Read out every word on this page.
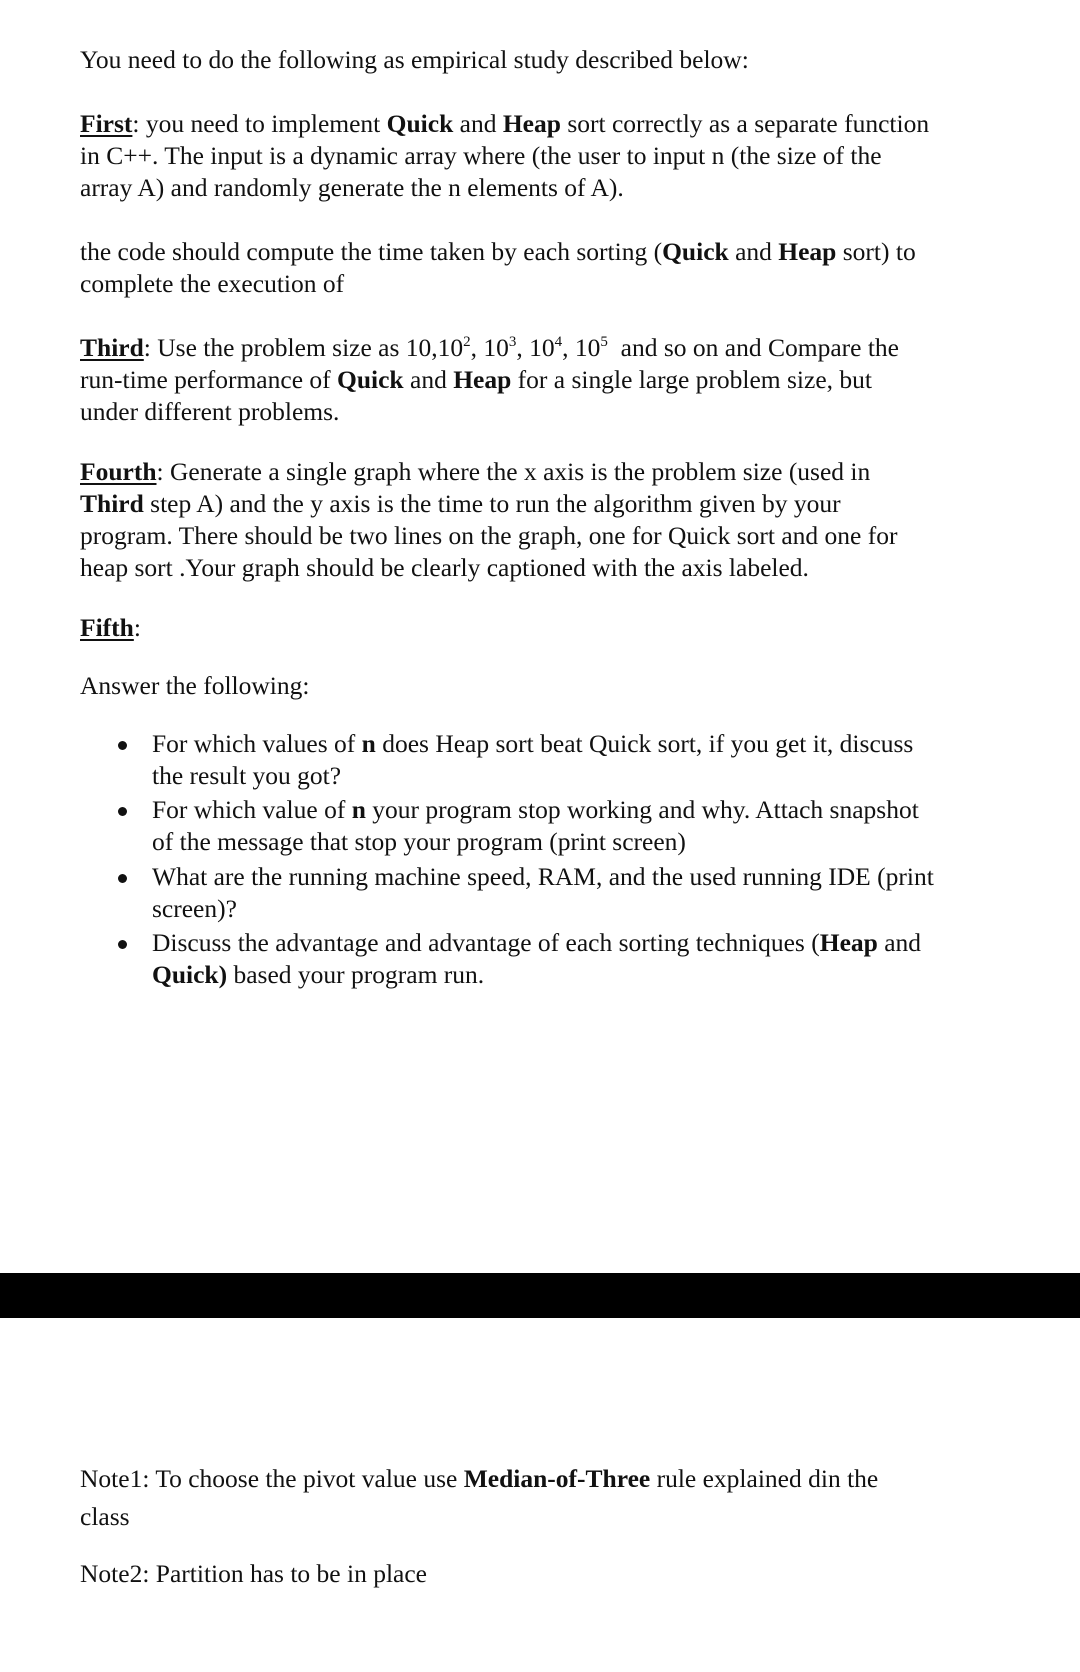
You need to do the following as empirical study described below:
First: you need to implement Quick and Heap sort correctly as a separate function
in C++. The input is a dynamic array where (the user to input n (the size of the
array A) and randomly generate the n elements of A).
the code should compute the time taken by each sorting (Quick and Heap sort) to
complete the execution of
Third: Use the problem size as 10,10$^2$, $10^3$, $10^4$, $10^5$  and so on and Compare the
run-time performance of Quick and Heap for a single large problem size, but
under different problems.
Fourth: Generate a single graph where the x axis is the problem size (used in
Third step A) and the y axis is the time to run the algorithm given by your
program. There should be two lines on the graph, one for Quick sort and one for
heap sort .Your graph should be clearly captioned with the axis labeled.
Fifth:
Answer the following:
For which values of n does Heap sort beat Quick sort, if you get it, discuss
the result you got?
For which value of n your program stop working and why. Attach snapshot
of the message that stop your program (print screen)
What are the running machine speed, RAM, and the used running IDE (print
screen)?
Discuss the advantage and advantage of each sorting techniques (Heap and
Quick) based your program run.
Note1: To choose the pivot value use Median-of-Three rule explained din the
class
Note2: Partition has to be in place
